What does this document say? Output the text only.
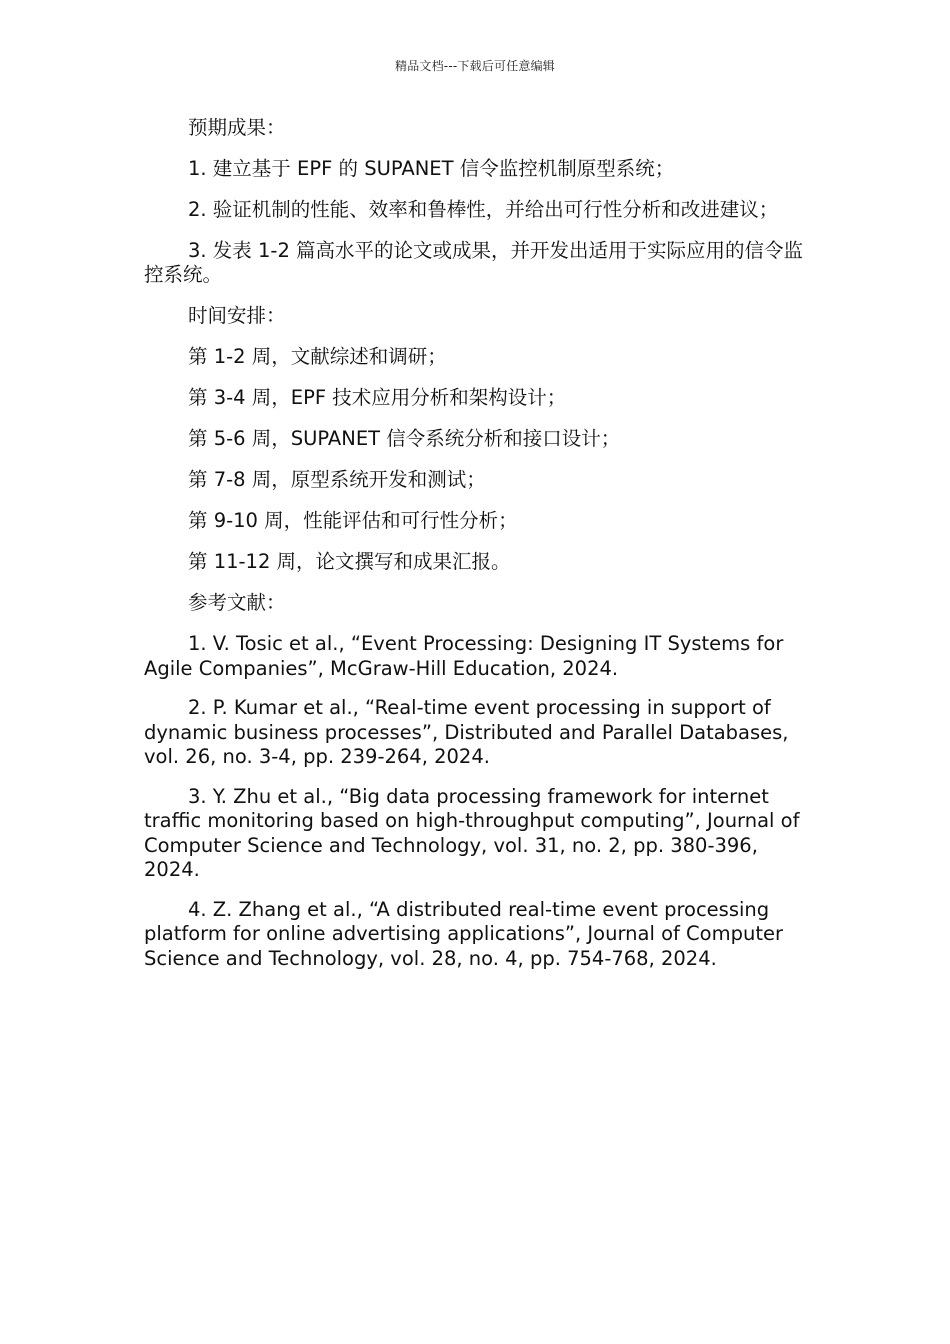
精品文档---下载后可任意编辑

预期成果：

1. 建立基于 EPF 的 SUPANET 信令监控机制原型系统；

2. 验证机制的性能、效率和鲁棒性，并给出可行性分析和改进建议；

3. 发表 1-2 篇高水平的论文或成果，并开发出适用于实际应用的信令监控系统。

时间安排：

第 1-2 周，文献综述和调研；

第 3-4 周，EPF 技术应用分析和架构设计；

第 5-6 周，SUPANET 信令系统分析和接口设计；

第 7-8 周，原型系统开发和测试；

第 9-10 周，性能评估和可行性分析；

第 11-12 周，论文撰写和成果汇报。

参考文献：

1. V. Tosic et al., “Event Processing: Designing IT Systems for Agile Companies”, McGraw-Hill Education, 2024.

2. P. Kumar et al., “Real-time event processing in support of dynamic business processes”, Distributed and Parallel Databases, vol. 26, no. 3-4, pp. 239-264, 2024.

3. Y. Zhu et al., “Big data processing framework for internet traffic monitoring based on high-throughput computing”, Journal of Computer Science and Technology, vol. 31, no. 2, pp. 380-396, 2024.

4. Z. Zhang et al., “A distributed real-time event processing platform for online advertising applications”, Journal of Computer Science and Technology, vol. 28, no. 4, pp. 754-768, 2024.
